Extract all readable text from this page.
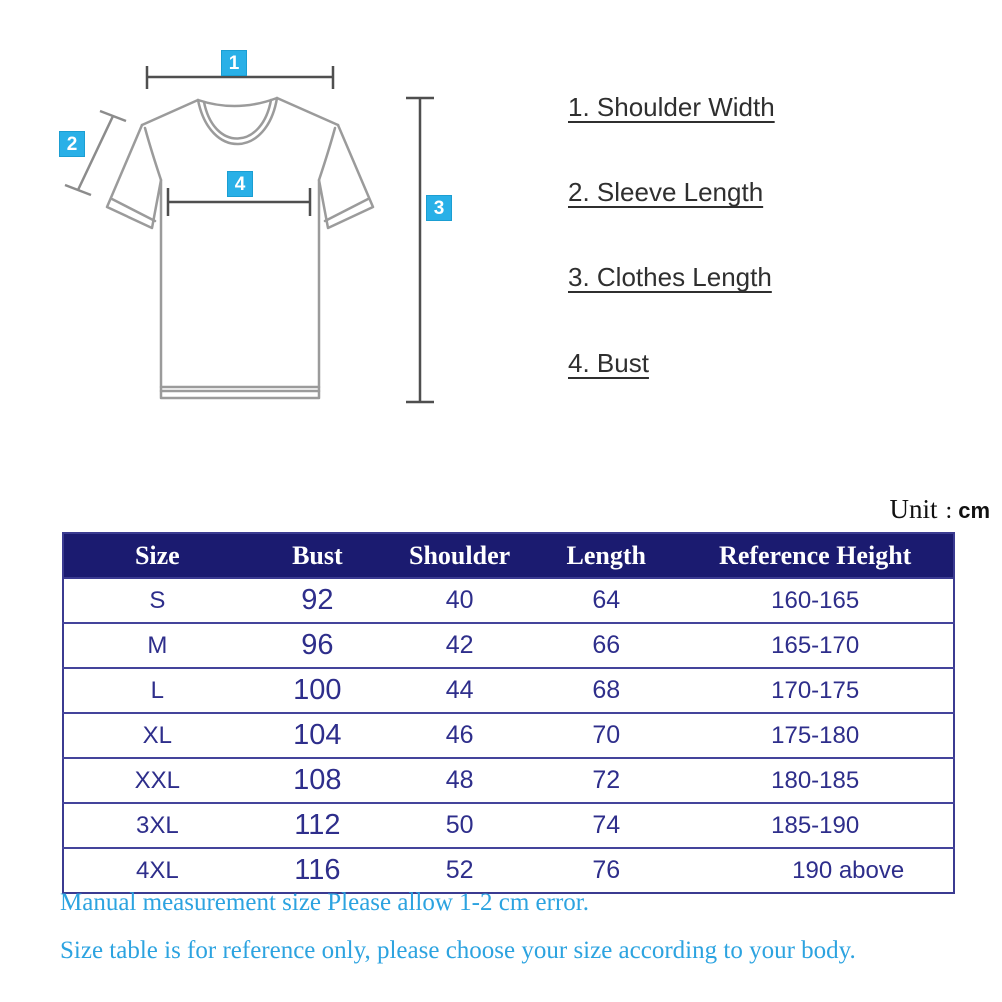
1
2
3
4
1. Shoulder Width
2. Sleeve Length
3. Clothes Length
4. Bust
Unit : cm
Size	Bust	Shoulder	Length	Reference Height
S	92	40	64	160-165
M	96	42	66	165-170
L	100	44	68	170-175
XL	104	46	70	175-180
XXL	108	48	72	180-185
3XL	112	50	74	185-190
4XL	116	52	76	190 above
Manual measurement size Please allow 1-2 cm error.
Size table is for reference only, please choose your size according to your body.
